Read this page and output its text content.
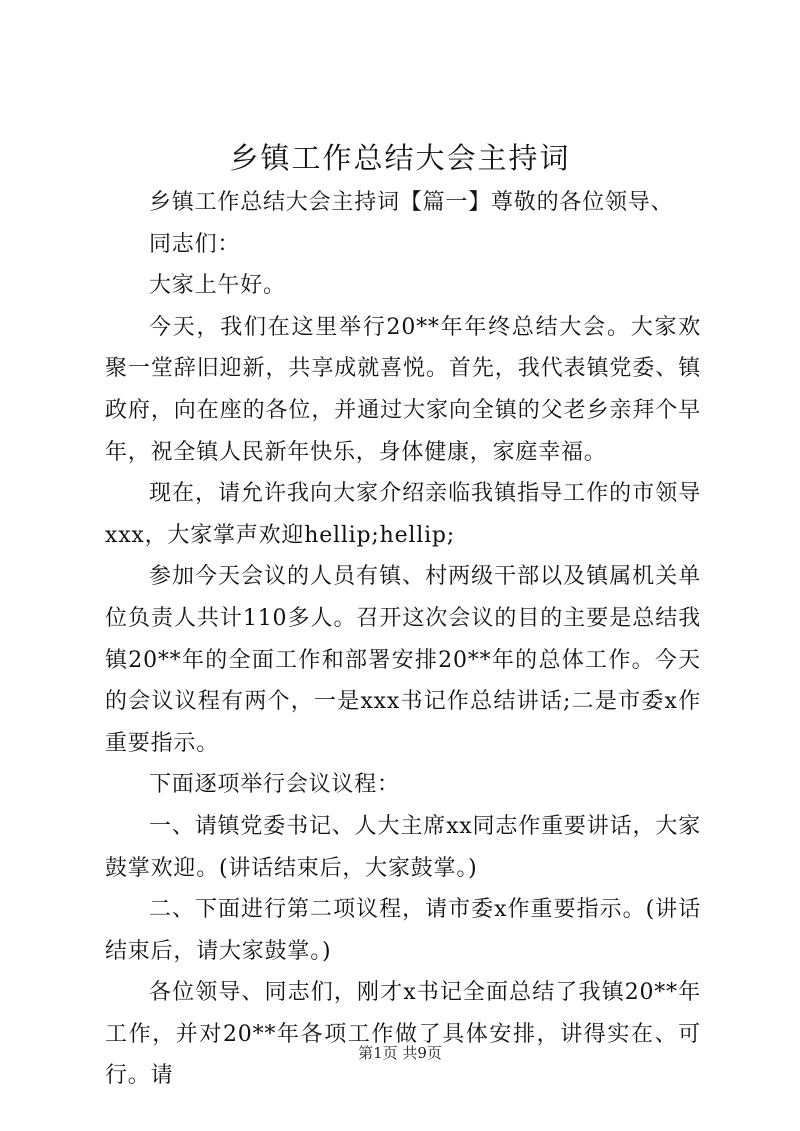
乡镇工作总结大会主持词

乡镇工作总结大会主持词【篇一】尊敬的各位领导、

同志们：

大家上午好。

今天，我们在这里举行20**年年终总结大会。大家欢聚一堂辞旧迎新，共享成就喜悦。首先，我代表镇党委、镇政府，向在座的各位，并通过大家向全镇的父老乡亲拜个早年，祝全镇人民新年快乐，身体健康，家庭幸福。

现在，请允许我向大家介绍亲临我镇指导工作的市领导xxx，大家掌声欢迎hellip;hellip;

参加今天会议的人员有镇、村两级干部以及镇属机关单位负责人共计110多人。召开这次会议的目的主要是总结我镇20**年的全面工作和部署安排20**年的总体工作。今天的会议议程有两个，一是xxx书记作总结讲话;二是市委x作重要指示。

下面逐项举行会议议程：

一、请镇党委书记、人大主席xx同志作重要讲话，大家鼓掌欢迎。(讲话结束后，大家鼓掌。)

二、下面进行第二项议程，请市委x作重要指示。(讲话结束后，请大家鼓掌。)

各位领导、同志们，刚才x书记全面总结了我镇20**年工作，并对20**年各项工作做了具体安排，讲得实在、可行。请

第1页 共9页
